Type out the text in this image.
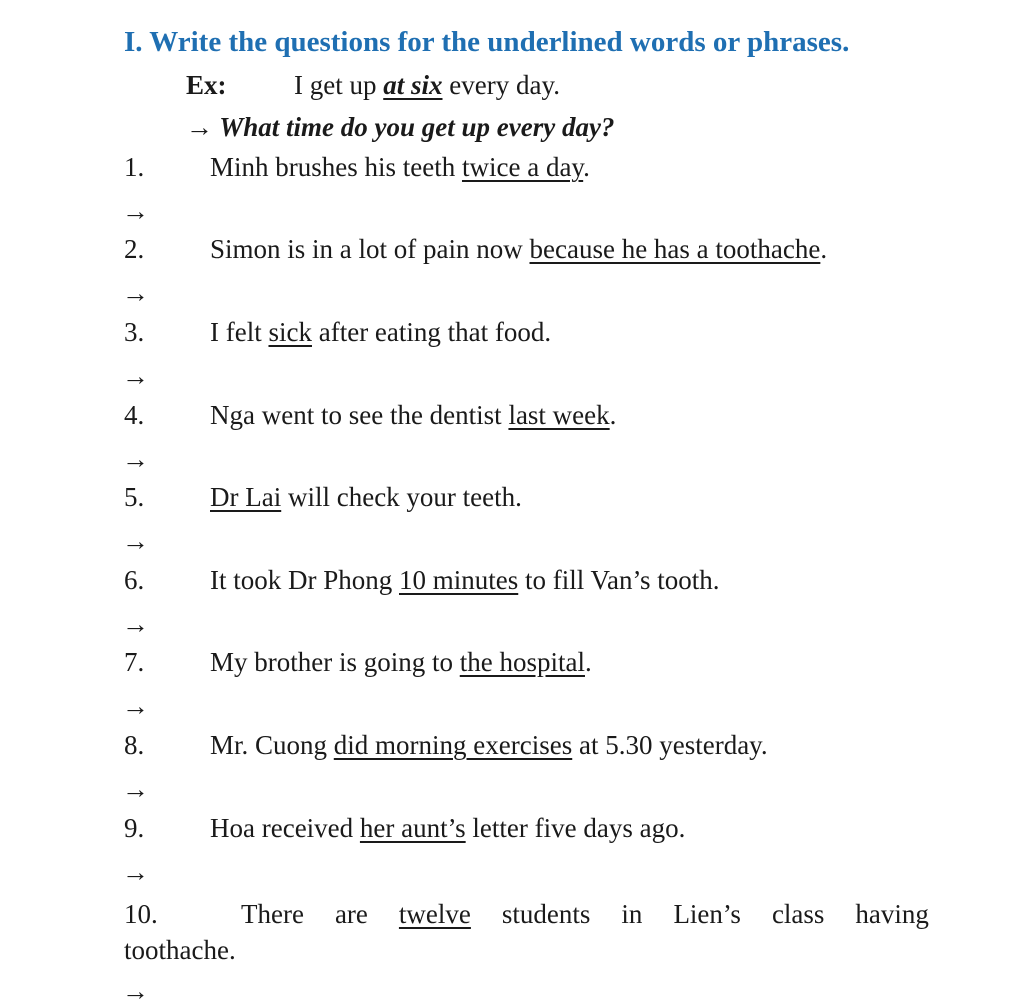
I. Write the questions for the underlined words or phrases.
Ex:	I get up at six every day.
→ What time do you get up every day?
1. Minh brushes his teeth twice a day.
→
2. Simon is in a lot of pain now because he has a toothache.
→
3. I felt sick after eating that food.
→
4. Nga went to see the dentist last week.
→
5. Dr Lai will check your teeth.
→
6. It took Dr Phong 10 minutes to fill Van’s tooth.
→
7. My brother is going to the hospital.
→
8. Mr. Cuong did morning exercises at 5.30 yesterday.
→
9. Hoa received her aunt’s letter five days ago.
→
10.	There are twelve students in Lien’s class having
toothache.
→
